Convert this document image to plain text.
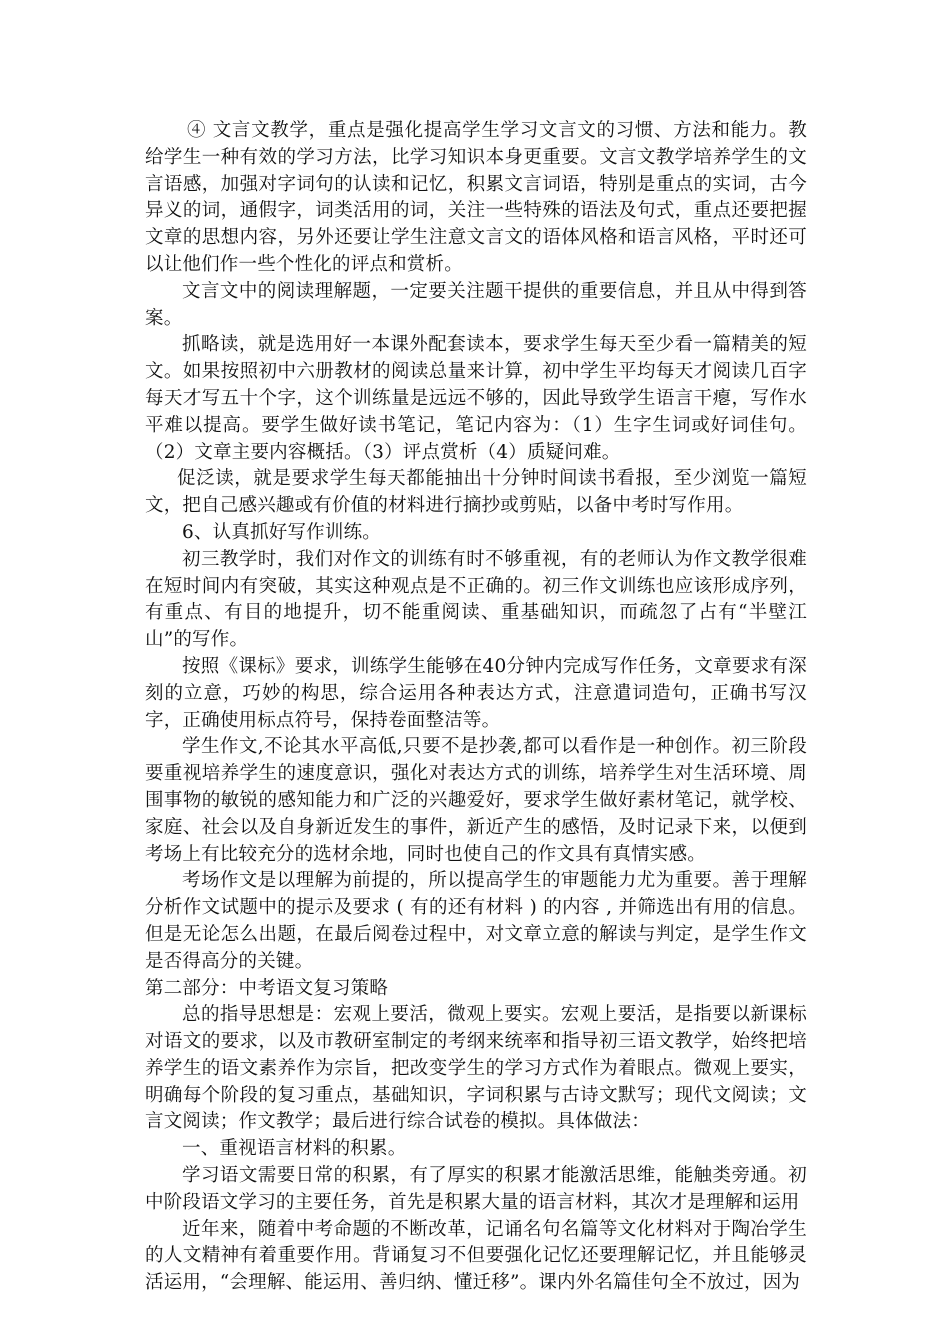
④ 文言文教学，重点是强化提高学生学习文言文的习惯、方法和能力。教给学生一种有效的学习方法，比学习知识本身更重要。文言文教学培养学生的文言语感，加强对字词句的认读和记忆，积累文言词语，特别是重点的实词，古今异义的词，通假字，词类活用的词，关注一些特殊的语法及句式，重点还要把握文章的思想内容，另外还要让学生注意文言文的语体风格和语言风格，平时还可以让他们作一些个性化的评点和赏析。

文言文中的阅读理解题，一定要关注题干提供的重要信息，并且从中得到答案。

抓略读，就是选用好一本课外配套读本，要求学生每天至少看一篇精美的短文。如果按照初中六册教材的阅读总量来计算，初中学生平均每天才阅读几百字每天才写五十个字，这个训练量是远远不够的，因此导致学生语言干瘪，写作水平难以提高。要学生做好读书笔记，笔记内容为：（1）生字生词或好词佳句。（2）文章主要内容概括。（3）评点赏析（4）质疑问难。

促泛读，就是要求学生每天都能抽出十分钟时间读书看报，至少浏览一篇短文，把自己感兴趣或有价值的材料进行摘抄或剪贴，以备中考时写作用。

6、认真抓好写作训练。

初三教学时，我们对作文的训练有时不够重视，有的老师认为作文教学很难在短时间内有突破，其实这种观点是不正确的。初三作文训练也应该形成序列，有重点、有目的地提升，切不能重阅读、重基础知识，而疏忽了占有“半壁江山”的写作。

按照《课标》要求，训练学生能够在40分钟内完成写作任务，文章要求有深刻的立意，巧妙的构思，综合运用各种表达方式，注意遣词造句，正确书写汉字，正确使用标点符号，保持卷面整洁等。

学生作文,不论其水平高低,只要不是抄袭,都可以看作是一种创作。初三阶段要重视培养学生的速度意识，强化对表达方式的训练，培养学生对生活环境、周围事物的敏锐的感知能力和广泛的兴趣爱好，要求学生做好素材笔记，就学校、家庭、社会以及自身新近发生的事件，新近产生的感悟，及时记录下来，以便到考场上有比较充分的选材余地，同时也使自己的作文具有真情实感。

考场作文是以理解为前提的，所以提高学生的审题能力尤为重要。善于理解分析作文试题中的提示及要求 ( 有的还有材料 ) 的内容 , 并筛选出有用的信息。但是无论怎么出题，在最后阅卷过程中，对文章立意的解读与判定，是学生作文是否得高分的关键。

第二部分：中考语文复习策略

总的指导思想是：宏观上要活，微观上要实。宏观上要活，是指要以新课标对语文的要求，以及市教研室制定的考纲来统率和指导初三语文教学，始终把培养学生的语文素养作为宗旨，把改变学生的学习方式作为着眼点。微观上要实，明确每个阶段的复习重点，基础知识，字词积累与古诗文默写；现代文阅读；文言文阅读；作文教学；最后进行综合试卷的模拟。具体做法：

一、重视语言材料的积累。

学习语文需要日常的积累，有了厚实的积累才能激活思维，能触类旁通。初中阶段语文学习的主要任务，首先是积累大量的语言材料，其次才是理解和运用

近年来，随着中考命题的不断改革，记诵名句名篇等文化材料对于陶冶学生的人文精神有着重要作用。背诵复习不但要强化记忆还要理解记忆，并且能够灵活运用，“会理解、能运用、善归纳、懂迁移”。课内外名篇佳句全不放过，因为
